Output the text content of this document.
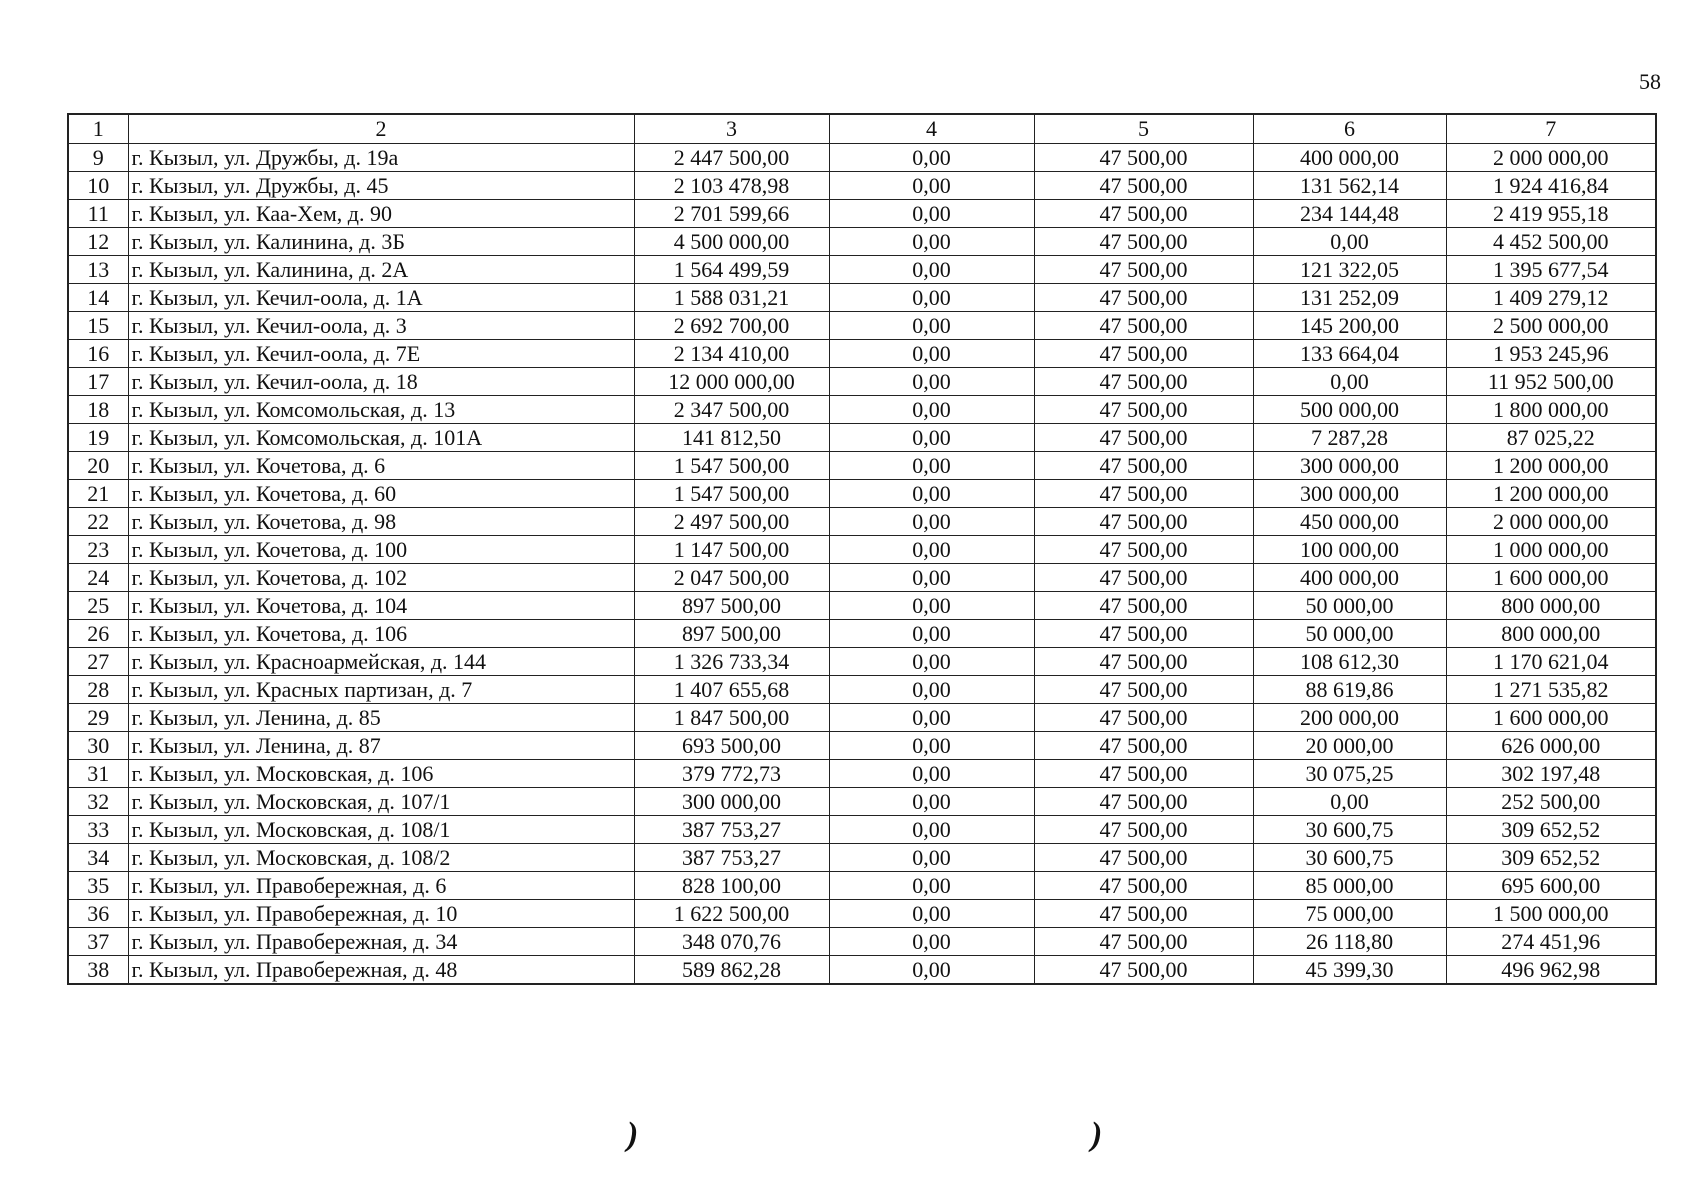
58
1	2	3	4	5	6	7
9	г. Кызыл, ул. Дружбы, д. 19а	2 447 500,00	0,00	47 500,00	400 000,00	2 000 000,00
10	г. Кызыл, ул. Дружбы, д. 45	2 103 478,98	0,00	47 500,00	131 562,14	1 924 416,84
11	г. Кызыл, ул. Каа-Хем, д. 90	2 701 599,66	0,00	47 500,00	234 144,48	2 419 955,18
12	г. Кызыл, ул. Калинина, д. 3Б	4 500 000,00	0,00	47 500,00	0,00	4 452 500,00
13	г. Кызыл, ул. Калинина, д. 2А	1 564 499,59	0,00	47 500,00	121 322,05	1 395 677,54
14	г. Кызыл, ул. Кечил-оола, д. 1А	1 588 031,21	0,00	47 500,00	131 252,09	1 409 279,12
15	г. Кызыл, ул. Кечил-оола, д. 3	2 692 700,00	0,00	47 500,00	145 200,00	2 500 000,00
16	г. Кызыл, ул. Кечил-оола, д. 7Е	2 134 410,00	0,00	47 500,00	133 664,04	1 953 245,96
17	г. Кызыл, ул. Кечил-оола, д. 18	12 000 000,00	0,00	47 500,00	0,00	11 952 500,00
18	г. Кызыл, ул. Комсомольская, д. 13	2 347 500,00	0,00	47 500,00	500 000,00	1 800 000,00
19	г. Кызыл, ул. Комсомольская, д. 101А	141 812,50	0,00	47 500,00	7 287,28	87 025,22
20	г. Кызыл, ул. Кочетова, д. 6	1 547 500,00	0,00	47 500,00	300 000,00	1 200 000,00
21	г. Кызыл, ул. Кочетова, д. 60	1 547 500,00	0,00	47 500,00	300 000,00	1 200 000,00
22	г. Кызыл, ул. Кочетова, д. 98	2 497 500,00	0,00	47 500,00	450 000,00	2 000 000,00
23	г. Кызыл, ул. Кочетова, д. 100	1 147 500,00	0,00	47 500,00	100 000,00	1 000 000,00
24	г. Кызыл, ул. Кочетова, д. 102	2 047 500,00	0,00	47 500,00	400 000,00	1 600 000,00
25	г. Кызыл, ул. Кочетова, д. 104	897 500,00	0,00	47 500,00	50 000,00	800 000,00
26	г. Кызыл, ул. Кочетова, д. 106	897 500,00	0,00	47 500,00	50 000,00	800 000,00
27	г. Кызыл, ул. Красноармейская, д. 144	1 326 733,34	0,00	47 500,00	108 612,30	1 170 621,04
28	г. Кызыл, ул. Красных партизан, д. 7	1 407 655,68	0,00	47 500,00	88 619,86	1 271 535,82
29	г. Кызыл, ул. Ленина, д. 85	1 847 500,00	0,00	47 500,00	200 000,00	1 600 000,00
30	г. Кызыл, ул. Ленина, д. 87	693 500,00	0,00	47 500,00	20 000,00	626 000,00
31	г. Кызыл, ул. Московская, д. 106	379 772,73	0,00	47 500,00	30 075,25	302 197,48
32	г. Кызыл, ул. Московская, д. 107/1	300 000,00	0,00	47 500,00	0,00	252 500,00
33	г. Кызыл, ул. Московская, д. 108/1	387 753,27	0,00	47 500,00	30 600,75	309 652,52
34	г. Кызыл, ул. Московская, д. 108/2	387 753,27	0,00	47 500,00	30 600,75	309 652,52
35	г. Кызыл, ул. Правобережная, д. 6	828 100,00	0,00	47 500,00	85 000,00	695 600,00
36	г. Кызыл, ул. Правобережная, д. 10	1 622 500,00	0,00	47 500,00	75 000,00	1 500 000,00
37	г. Кызыл, ул. Правобережная, д. 34	348 070,76	0,00	47 500,00	26 118,80	274 451,96
38	г. Кызыл, ул. Правобережная, д. 48	589 862,28	0,00	47 500,00	45 399,30	496 962,98
)	)
